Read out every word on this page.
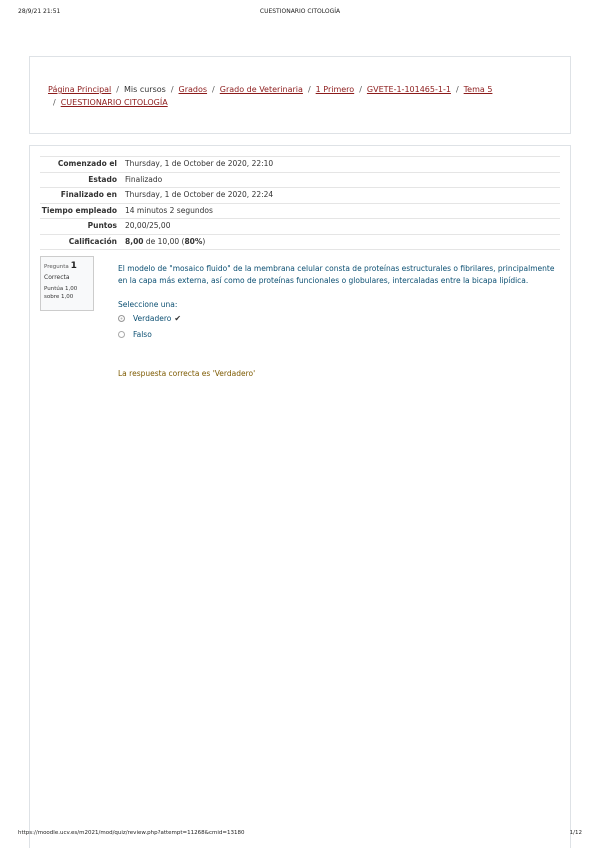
28/9/21 21:51	CUESTIONARIO CITOLOGÍA
Página Principal / Mis cursos / Grados / Grado de Veterinaria / 1 Primero / GVETE-1-101465-1-1 / Tema 5
/ CUESTIONARIO CITOLOGÍA
Comenzado el	Thursday, 1 de October de 2020, 22:10
Estado	Finalizado
Finalizado en	Thursday, 1 de October de 2020, 22:24
Tiempo empleado	14 minutos 2 segundos
Puntos	20,00/25,00
Calificación	8,00 de 10,00 (80%)
Pregunta 1
Correcta
Puntúa 1,00 sobre 1,00
El modelo de "mosaico fluido" de la membrana celular consta de proteínas estructurales o fibrilares, principalmente en la capa más externa, así como de proteínas funcionales o globulares, intercaladas entre la bicapa lipídica.
Seleccione una:
Verdadero ✔
Falso
La respuesta correcta es 'Verdadero'
https://moodle.ucv.es/m2021/mod/quiz/review.php?attempt=11268&cmid=13180	1/12
